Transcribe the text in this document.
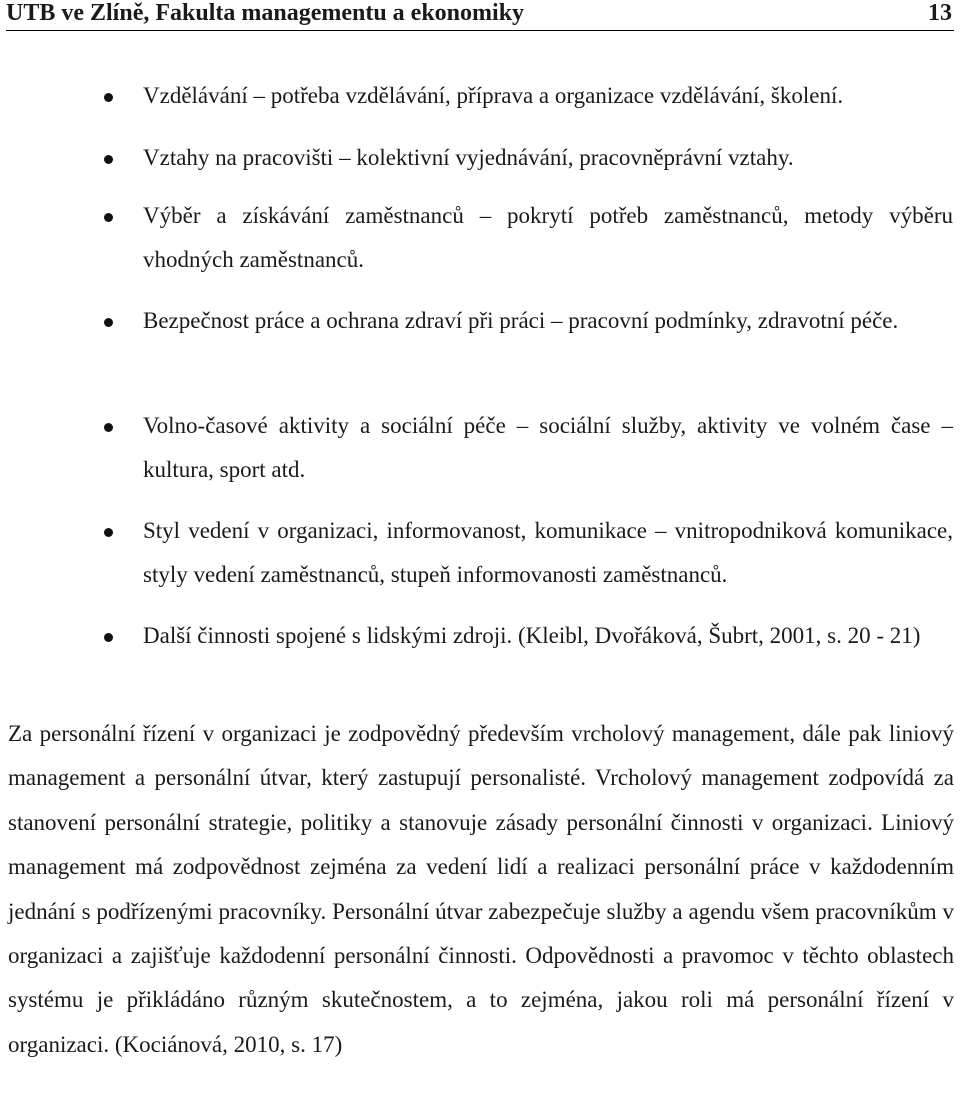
UTB ve Zlíně, Fakulta managementu a ekonomiky	13
Vzdělávání – potřeba vzdělávání, příprava a organizace vzdělávání, školení.
Vztahy na pracovišti – kolektivní vyjednávání, pracovněprávní vztahy.
Výběr a získávání zaměstnanců – pokrytí potřeb zaměstnanců, metody výběru vhodných zaměstnanců.
Bezpečnost práce a ochrana zdraví při práci – pracovní podmínky, zdravotní péče.
Volno-časové aktivity a sociální péče – sociální služby, aktivity ve volném čase – kultura, sport atd.
Styl vedení v organizaci, informovanost, komunikace – vnitropodniková komunikace, styly vedení zaměstnanců, stupeň informovanosti zaměstnanců.
Další činnosti spojené s lidskými zdroji. (Kleibl, Dvořáková, Šubrt, 2001, s. 20 - 21)
Za personální řízení v organizaci je zodpovědný především vrcholový management, dále pak liniový management a personální útvar, který zastupují personalisté. Vrcholový management zodpovídá za stanovení personální strategie, politiky a stanovuje zásady personální činnosti v organizaci. Liniový management má zodpovědnost zejména za vedení lidí a realizaci personální práce v každodenním jednání s podřízenými pracovníky. Personální útvar zabezpečuje služby a agendu všem pracovníkům v organizaci a zajišťuje každodenní personální činnosti. Odpovědnosti a pravomoc v těchto oblastech systému je přikládáno různým skutečnostem, a to zejména, jakou roli má personální řízení v organizaci. (Kociánová, 2010, s. 17)
